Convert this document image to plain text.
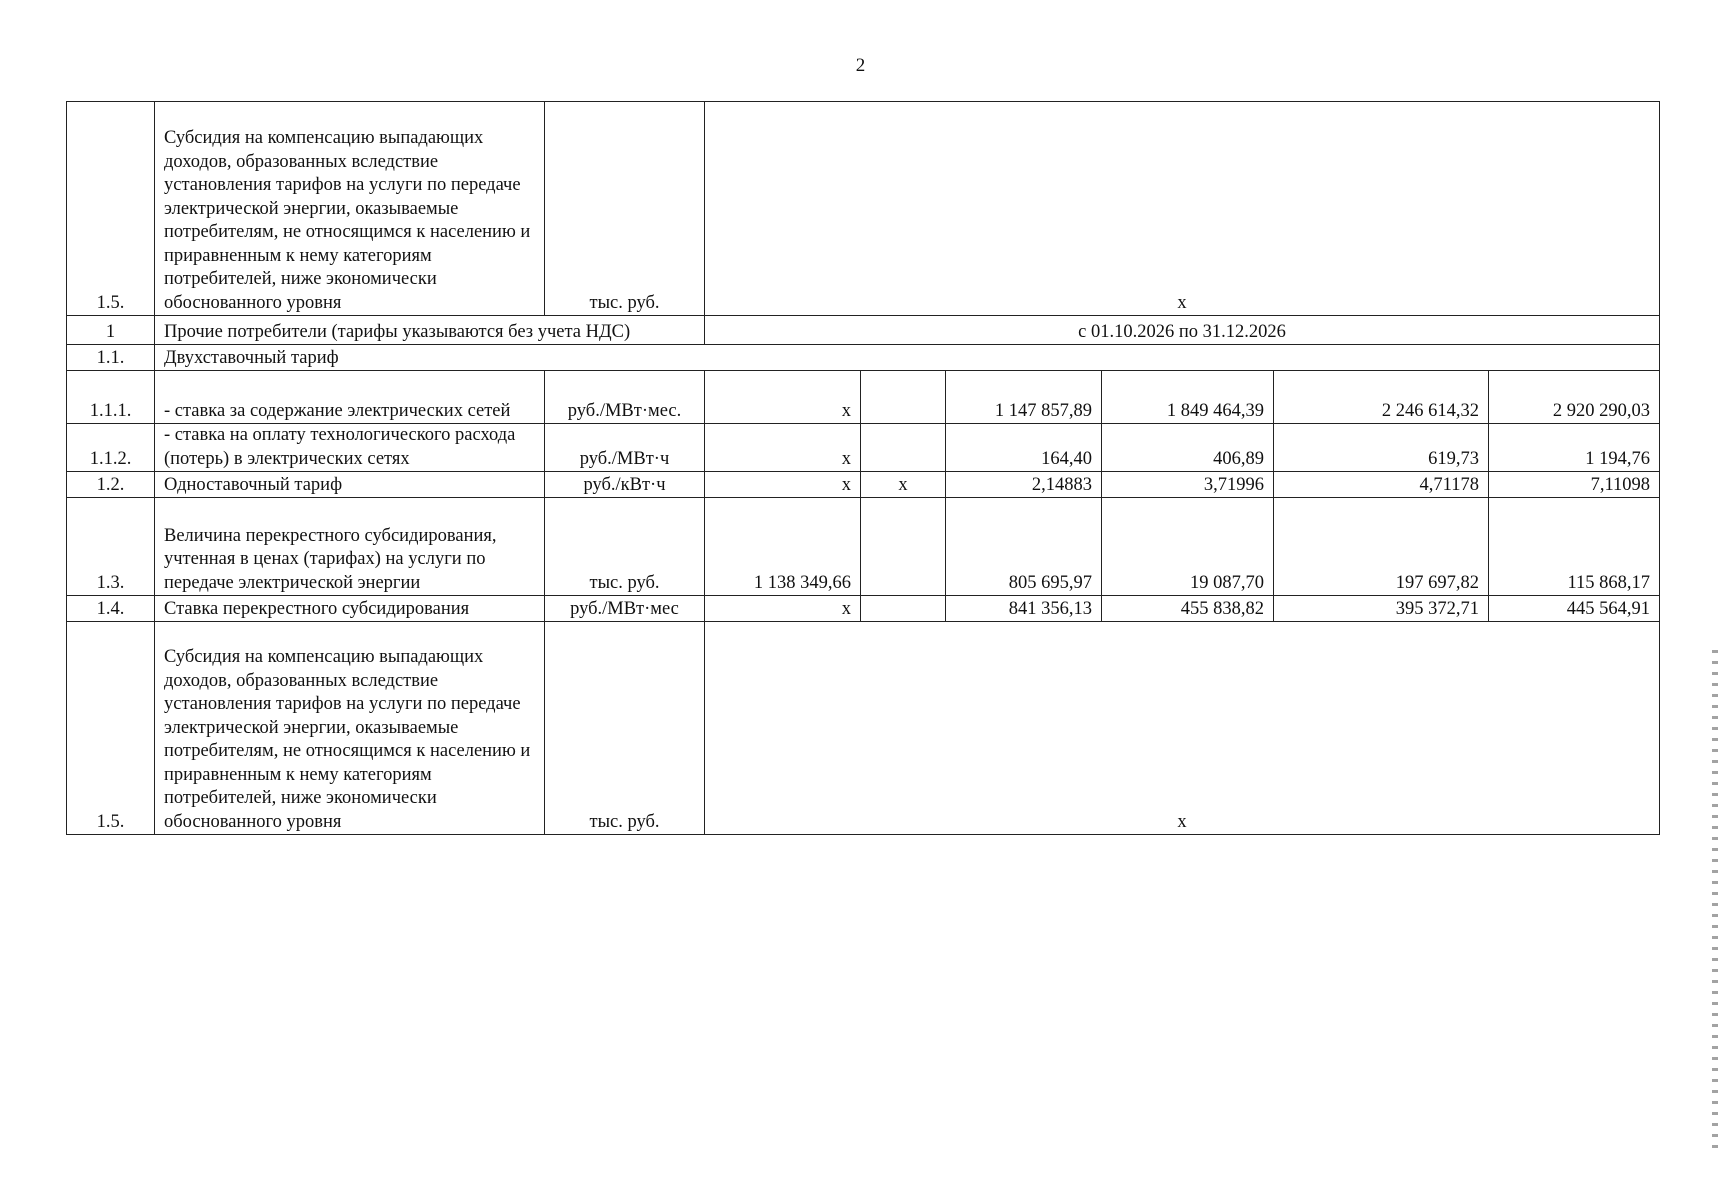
2
1.5.	Субсидия на компенсацию выпадающих доходов, образованных вследствие установления тарифов на услуги по передаче электрической энергии, оказываемые потребителям, не относящимся к населению и приравненным к нему категориям потребителей, ниже экономически обоснованного уровня	тыс. руб.	x					
1	Прочие потребители (тарифы указываются без учета НДС)		с 01.10.2026 по 31.12.2026					
1.1.	Двухставочный тариф							
1.1.1.	- ставка за содержание электрических сетей	руб./МВт·мес.	x		1 147 857,89	1 849 464,39	2 246 614,32	2 920 290,03
1.1.2.	- ставка на оплату технологического расхода (потерь) в электрических сетях	руб./МВт·ч	x		164,40	406,89	619,73	1 194,76
1.2.	Одноставочный тариф	руб./кВт·ч	x	x	2,14883	3,71996	4,71178	7,11098
1.3.	Величина перекрестного субсидирования, учтенная в ценах (тарифах) на услуги по передаче электрической энергии	тыс. руб.	1 138 349,66		805 695,97	19 087,70	197 697,82	115 868,17
1.4.	Ставка перекрестного субсидирования	руб./МВт·мес	x		841 356,13	455 838,82	395 372,71	445 564,91
1.5.	Субсидия на компенсацию выпадающих доходов, образованных вследствие установления тарифов на услуги по передаче электрической энергии, оказываемые потребителям, не относящимся к населению и приравненным к нему категориям потребителей, ниже экономически обоснованного уровня	тыс. руб.	x					
